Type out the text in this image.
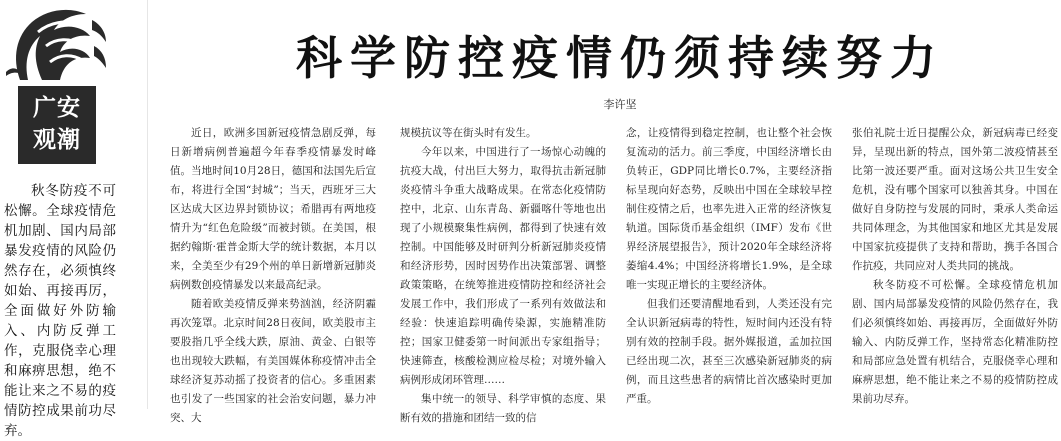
广安
观潮
秋冬防疫不可松懈。全球疫情危机加剧、国内局部暴发疫情的风险仍然存在，必须慎终如始、再接再厉，全面做好外防输入、内防反弹工作，克服侥幸心理和麻痹思想，绝不能让来之不易的疫情防控成果前功尽弃。
科学防控疫情仍须持续努力
李许坚

近日，欧洲多国新冠疫情急剧反弹，每日新增病例普遍超今年春季疫情暴发时峰值。当地时间10月28日，德国和法国先后宣布，将进行全国“封城”；当天，西班牙三大区达成大区边界封锁协议；希腊再有两地疫情升为“红色危险级”而被封锁。在美国，根据约翰斯·霍普金斯大学的统计数据，本月以来，全美至少有29个州的单日新增新冠肺炎病例数创疫情暴发以来最高纪录。

随着欧美疫情反弹来势汹汹，经济阴霾再次笼罩。北京时间28日夜间，欧美股市主要股指几乎全线大跌，原油、黄金、白银等也出现较大跌幅，有美国媒体称疫情冲击全球经济复苏动摇了投资者的信心。多重困素也引发了一些国家的社会治安问题，暴力冲突、大

规模抗议等在街头时有发生。

今年以来，中国进行了一场惊心动魄的抗疫大战，付出巨大努力，取得抗击新冠肺炎疫情斗争重大战略成果。在常态化疫情防控中，北京、山东青岛、新疆喀什等地也出现了小规模聚集性病例，都得到了快速有效控制。中国能够及时研判分析新冠肺炎疫情和经济形势，因时因势作出决策部署、调整政策策略，在统筹推进疫情防控和经济社会发展工作中，我们形成了一系列有效做法和经验：快速追踪明确传染源，实施精准防控；国家卫健委第一时间派出专家组指导；快速筛查，核酸检测应检尽检；对境外输入病例形成闭环管理……

集中统一的领导、科学审慎的态度、果断有效的措施和团结一致的信

念，让疫情得到稳定控制，也让整个社会恢复流动的活力。前三季度，中国经济增长由负转正，GDP同比增长0.7%，主要经济指标呈现向好态势，反映出中国在全球较早控制住疫情之后，也率先进入正常的经济恢复轨道。国际货币基金组织（IMF）发布《世界经济展望报告》，预计2020年全球经济将萎缩4.4%；中国经济将增长1.9%，是全球唯一实现正增长的主要经济体。

但我们还要清醒地看到，人类还没有完全认识新冠病毒的特性，短时间内还没有特别有效的控制手段。据外媒报道，孟加拉国已经出现二次，甚至三次感染新冠肺炎的病例，而且这些患者的病情比首次感染时更加严重。

张伯礼院士近日提醒公众，新冠病毒已经变异，呈现出新的特点，国外第二波疫情甚至比第一波还要严重。面对这场公共卫生安全危机，没有哪个国家可以独善其身。中国在做好自身防控与发展的同时，秉承人类命运共同体理念，为其他国家和地区尤其是发展中国家抗疫提供了支持和帮助，携手各国合作抗疫，共同应对人类共同的挑战。

秋冬防疫不可松懈。全球疫情危机加剧、国内局部暴发疫情的风险仍然存在，我们必须慎终如始、再接再厉，全面做好外防输入、内防反弹工作，坚持常态化精准防控和局部应急处置有机结合，克服侥幸心理和麻痹思想，绝不能让来之不易的疫情防控成果前功尽弃。
